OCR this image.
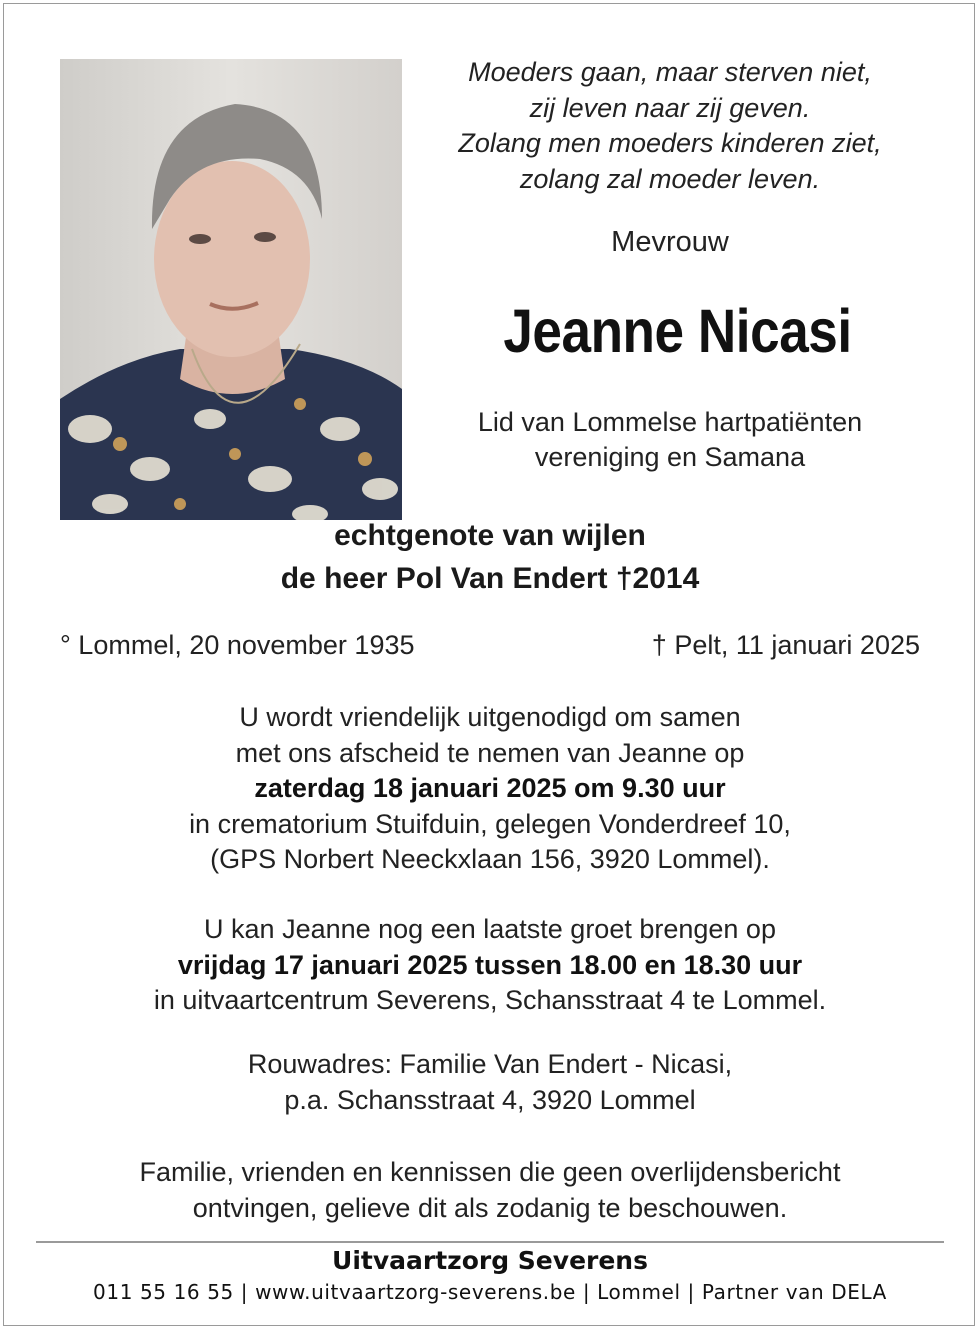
Moeders gaan, maar sterven niet,
zij leven naar zij geven.
Zolang men moeders kinderen ziet,
zolang zal moeder leven.
Mevrouw
Jeanne Nicasi
Lid van Lommelse hartpatiënten
vereniging en Samana
echtgenote van wijlen
de heer Pol Van Endert †2014
° Lommel, 20 november 1935	† Pelt, 11 januari 2025
U wordt vriendelijk uitgenodigd om samen
met ons afscheid te nemen van Jeanne op
zaterdag 18 januari 2025 om 9.30 uur
in crematorium Stuifduin, gelegen Vonderdreef 10,
(GPS Norbert Neeckxlaan 156, 3920 Lommel).
U kan Jeanne nog een laatste groet brengen op
vrijdag 17 januari 2025 tussen 18.00 en 18.30 uur
in uitvaartcentrum Severens, Schansstraat 4 te Lommel.
Rouwadres: Familie Van Endert - Nicasi,
p.a. Schansstraat 4, 3920 Lommel
Familie, vrienden en kennissen die geen overlijdensbericht
ontvingen, gelieve dit als zodanig te beschouwen.
Uitvaartzorg Severens
011 55 16 55 | www.uitvaartzorg-severens.be | Lommel | Partner van DELA
